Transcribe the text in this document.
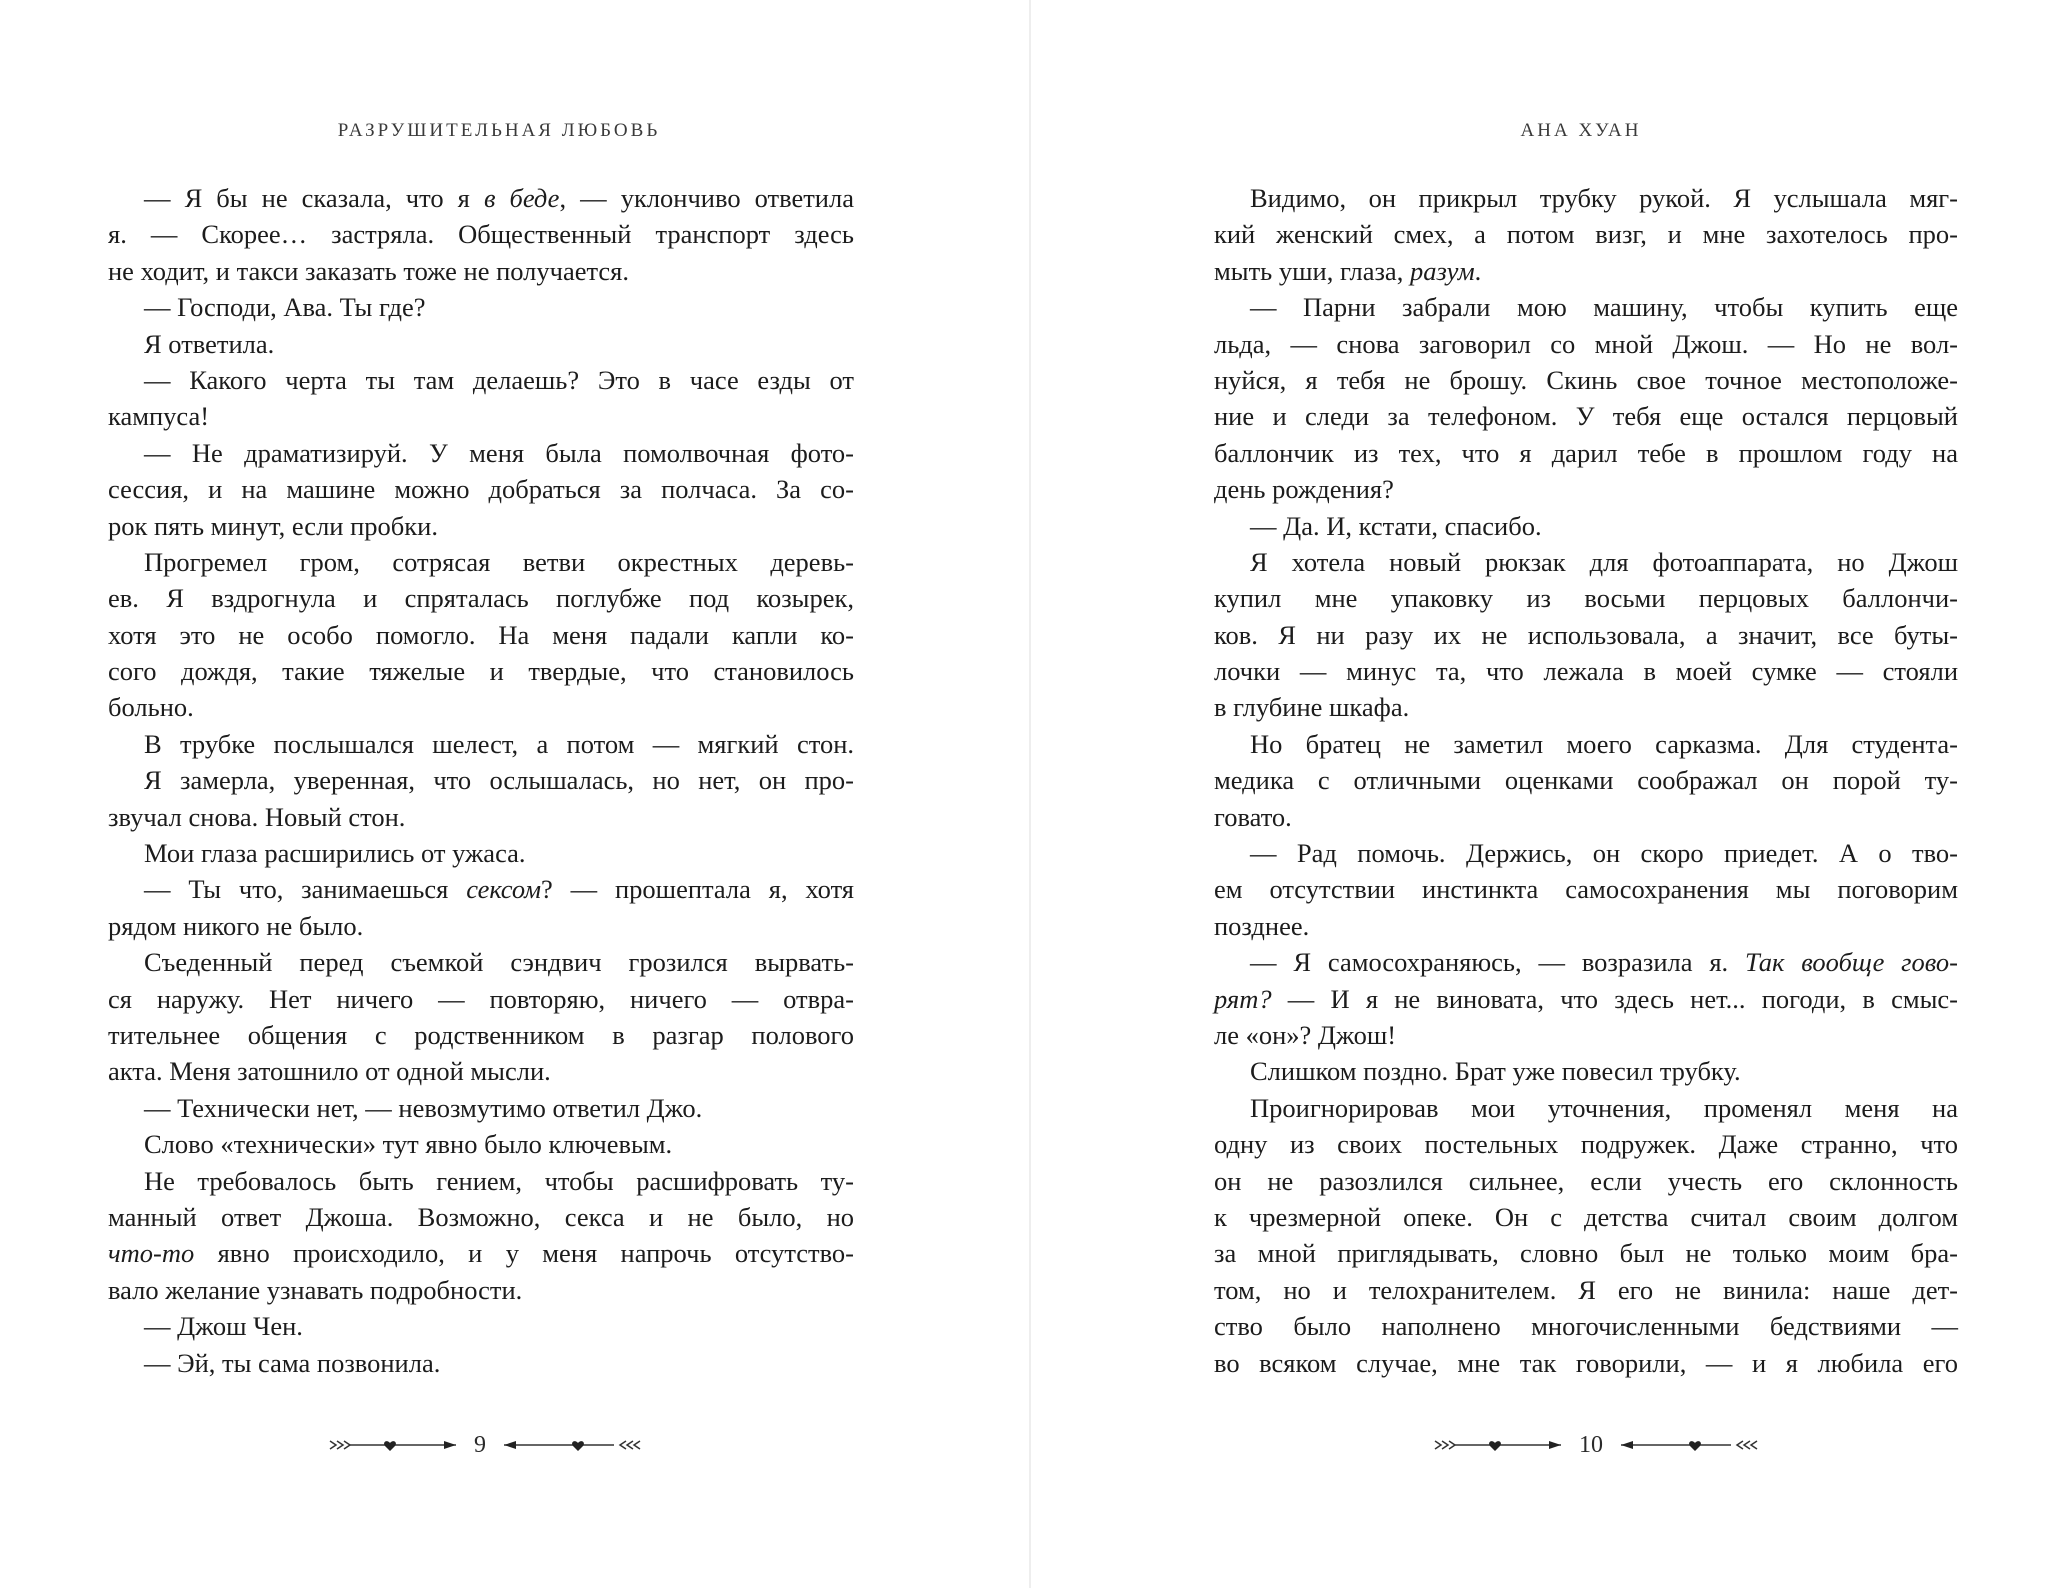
РАЗРУШИТЕЛЬНАЯ ЛЮБОВЬ
— Я бы не сказала, что я в беде, — уклончиво ответила
я. — Скорее… застряла. Общественный транспорт здесь
не ходит, и такси заказать тоже не получается.
— Господи, Ава. Ты где?
Я ответила.
— Какого черта ты там делаешь? Это в часе езды от
кампуса!
— Не драматизируй. У меня была помолвочная фото-
сессия, и на машине можно добраться за полчаса. За со-
рок пять минут, если пробки.
Прогремел гром, сотрясая ветви окрестных деревь-
ев. Я вздрогнула и спряталась поглубже под козырек,
хотя это не особо помогло. На меня падали капли ко-
сого дождя, такие тяжелые и твердые, что становилось
больно.
В трубке послышался шелест, а потом — мягкий стон.
Я замерла, уверенная, что ослышалась, но нет, он про-
звучал снова. Новый стон.
Мои глаза расширились от ужаса.
— Ты что, занимаешься сексом? — прошептала я, хотя
рядом никого не было.
Съеденный перед съемкой сэндвич грозился вырвать-
ся наружу. Нет ничего — повторяю, ничего — отвра-
тительнее общения с родственником в разгар полового
акта. Меня затошнило от одной мысли.
— Технически нет, — невозмутимо ответил Джо.
Слово «технически» тут явно было ключевым.
Не требовалось быть гением, чтобы расшифровать ту-
манный ответ Джоша. Возможно, секса и не было, но
что-то явно происходило, и у меня напрочь отсутство-
вало желание узнавать подробности.
— Джош Чен.
— Эй, ты сама позвонила.
9
АНА ХУАН
Видимо, он прикрыл трубку рукой. Я услышала мяг-
кий женский смех, а потом визг, и мне захотелось про-
мыть уши, глаза, разум.
— Парни забрали мою машину, чтобы купить еще
льда, — снова заговорил со мной Джош. — Но не вол-
нуйся, я тебя не брошу. Скинь свое точное местоположе-
ние и следи за телефоном. У тебя еще остался перцовый
баллончик из тех, что я дарил тебе в прошлом году на
день рождения?
— Да. И, кстати, спасибо.
Я хотела новый рюкзак для фотоаппарата, но Джош
купил мне упаковку из восьми перцовых баллончи-
ков. Я ни разу их не использовала, а значит, все буты-
лочки — минус та, что лежала в моей сумке — стояли
в глубине шкафа.
Но братец не заметил моего сарказма. Для студента-
медика с отличными оценками соображал он порой ту-
говато.
— Рад помочь. Держись, он скоро приедет. А о тво-
ем отсутствии инстинкта самосохранения мы поговорим
позднее.
— Я самосохраняюсь, — возразила я. Так вообще гово-
рят? — И я не виновата, что здесь нет... погоди, в смыс-
ле «он»? Джош!
Слишком поздно. Брат уже повесил трубку.
Проигнорировав мои уточнения, променял меня на
одну из своих постельных подружек. Даже странно, что
он не разозлился сильнее, если учесть его склонность
к чрезмерной опеке. Он с детства считал своим долгом
за мной приглядывать, словно был не только моим бра-
том, но и телохранителем. Я его не винила: наше дет-
ство было наполнено многочисленными бедствиями —
во всяком случае, мне так говорили, — и я любила его
10
